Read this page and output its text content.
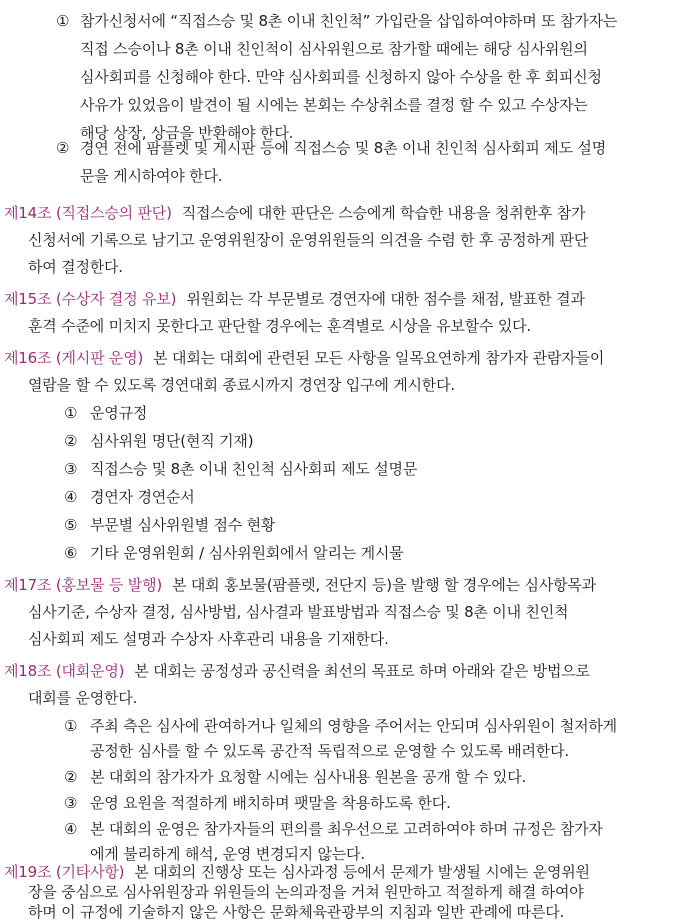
① 참가신청서에 “직접스승 및 8촌 이내 친인척” 가입란을 삽입하여야하며 또 참가자는
직접 스승이나 8촌 이내 친인척이 심사위원으로 참가할 때에는 해당 심사위원의
심사회피를 신청해야 한다. 만약 심사회피를 신청하지 않아 수상을 한 후 회피신청
사유가 있었음이 발견이 될 시에는 본회는 수상취소를 결정 할 수 있고 수상자는
해당 상장, 상금을 반환해야 한다.
② 경연 전에 팜플렛 및 게시판 등에 직접스승 및 8촌 이내 친인척 심사회피 제도 설명
문을 게시하여야 한다.
제14조 (직접스승의 판단) 직접스승에 대한 판단은 스승에게 학습한 내용을 청취한후 참가
신청서에 기록으로 남기고 운영위원장이 운영위원들의 의견을 수렴 한 후 공정하게 판단
하여 결정한다.
제15조 (수상자 결정 유보) 위원회는 각 부문별로 경연자에 대한 점수를 채점, 발표한 결과
훈격 수준에 미치지 못한다고 판단할 경우에는 훈격별로 시상을 유보할수 있다.
제16조 (게시판 운영) 본 대회는 대회에 관련된 모든 사항을 일목요연하게 참가자 관람자들이
열람을 할 수 있도록 경연대회 종료시까지 경연장 입구에 게시한다.
① 운영규정
② 심사위원 명단(현직 기재)
③ 직접스승 및 8촌 이내 친인척 심사회피 제도 설명문
④ 경연자 경연순서
⑤ 부문별 심사위원별 점수 현황
⑥ 기타 운영위원회 / 심사위원회에서 알리는 게시물
제17조 (홍보물 등 발행) 본 대회 홍보물(팜플렛, 전단지 등)을 발행 할 경우에는 심사항목과
심사기준, 수상자 결정, 심사방법, 심사결과 발표방법과 직접스승 및 8촌 이내 친인척
심사회피 제도 설명과 수상자 사후관리 내용을 기재한다.
제18조 (대회운영) 본 대회는 공정성과 공신력을 최선의 목표로 하며 아래와 같은 방법으로
대회를 운영한다.
① 주최 측은 심사에 관여하거나 일체의 영향을 주어서는 안되며 심사위원이 철저하게
공정한 심사를 할 수 있도록 공간적 독립적으로 운영할 수 있도록 배려한다.
② 본 대회의 참가자가 요청할 시에는 심사내용 원본을 공개 할 수 있다.
③ 운영 요원을 적절하게 배치하며 팻말을 착용하도록 한다.
④ 본 대회의 운영은 참가자들의 편의를 최우선으로 고려하여야 하며 규정은 참가자
에게 불리하게 해석, 운영 변경되지 않는다.
제19조 (기타사항) 본 대회의 진행상 또는 심사과정 등에서 문제가 발생될 시에는 운영위원
장을 중심으로 심사위원장과 위원들의 논의과정을 거쳐 원만하고 적절하게 해결 하여야
하며 이 규정에 기술하지 않은 사항은 문화체육관광부의 지침과 일반 관례에 따른다.
